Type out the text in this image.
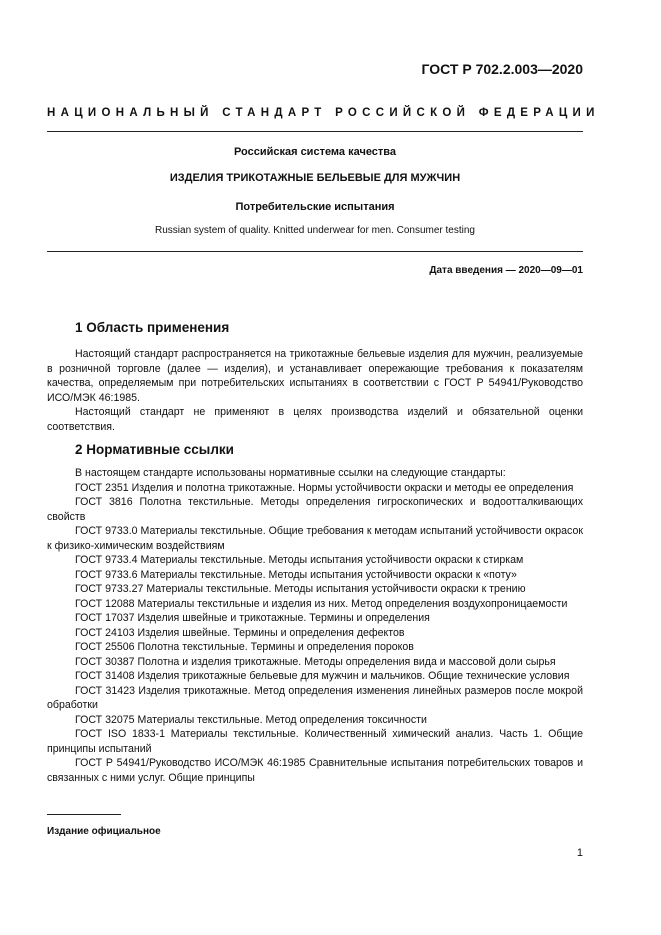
ГОСТ Р 702.2.003—2020
НАЦИОНАЛЬНЫЙ СТАНДАРТ РОССИЙСКОЙ ФЕДЕРАЦИИ
Российская система качества
ИЗДЕЛИЯ ТРИКОТАЖНЫЕ БЕЛЬЕВЫЕ ДЛЯ МУЖЧИН
Потребительские испытания
Russian system of quality. Knitted underwear for men. Consumer testing
Дата введения — 2020—09—01
1 Область применения

Настоящий стандарт распространяется на трикотажные бельевые изделия для мужчин, реализуемые в розничной торговле (далее — изделия), и устанавливает опережающие требования к показателям качества, определяемым при потребительских испытаниях в соответствии с ГОСТ Р 54941/Руководство ИСО/МЭК 46:1985.

Настоящий стандарт не применяют в целях производства изделий и обязательной оценки соответствия.

2 Нормативные ссылки

В настоящем стандарте использованы нормативные ссылки на следующие стандарты:

ГОСТ 2351 Изделия и полотна трикотажные. Нормы устойчивости окраски и методы ее определения

ГОСТ 3816 Полотна текстильные. Методы определения гигроскопических и водоотталкивающих свойств

ГОСТ 9733.0 Материалы текстильные. Общие требования к методам испытаний устойчивости окрасок к физико-химическим воздействиям

ГОСТ 9733.4 Материалы текстильные. Методы испытания устойчивости окраски к стиркам

ГОСТ 9733.6 Материалы текстильные. Методы испытания устойчивости окраски к «поту»

ГОСТ 9733.27 Материалы текстильные. Методы испытания устойчивости окраски к трению

ГОСТ 12088 Материалы текстильные и изделия из них. Метод определения воздухопроницаемости

ГОСТ 17037 Изделия швейные и трикотажные. Термины и определения

ГОСТ 24103 Изделия швейные. Термины и определения дефектов

ГОСТ 25506 Полотна текстильные. Термины и определения пороков

ГОСТ 30387 Полотна и изделия трикотажные. Методы определения вида и массовой доли сырья

ГОСТ 31408 Изделия трикотажные бельевые для мужчин и мальчиков. Общие технические условия

ГОСТ 31423 Изделия трикотажные. Метод определения изменения линейных размеров после мокрой обработки

ГОСТ 32075 Материалы текстильные. Метод определения токсичности

ГОСТ ISO 1833-1 Материалы текстильные. Количественный химический анализ. Часть 1. Общие принципы испытаний

ГОСТ Р 54941/Руководство ИСО/МЭК 46:1985 Сравнительные испытания потребительских товаров и связанных с ними услуг. Общие принципы

Издание официальное
1
